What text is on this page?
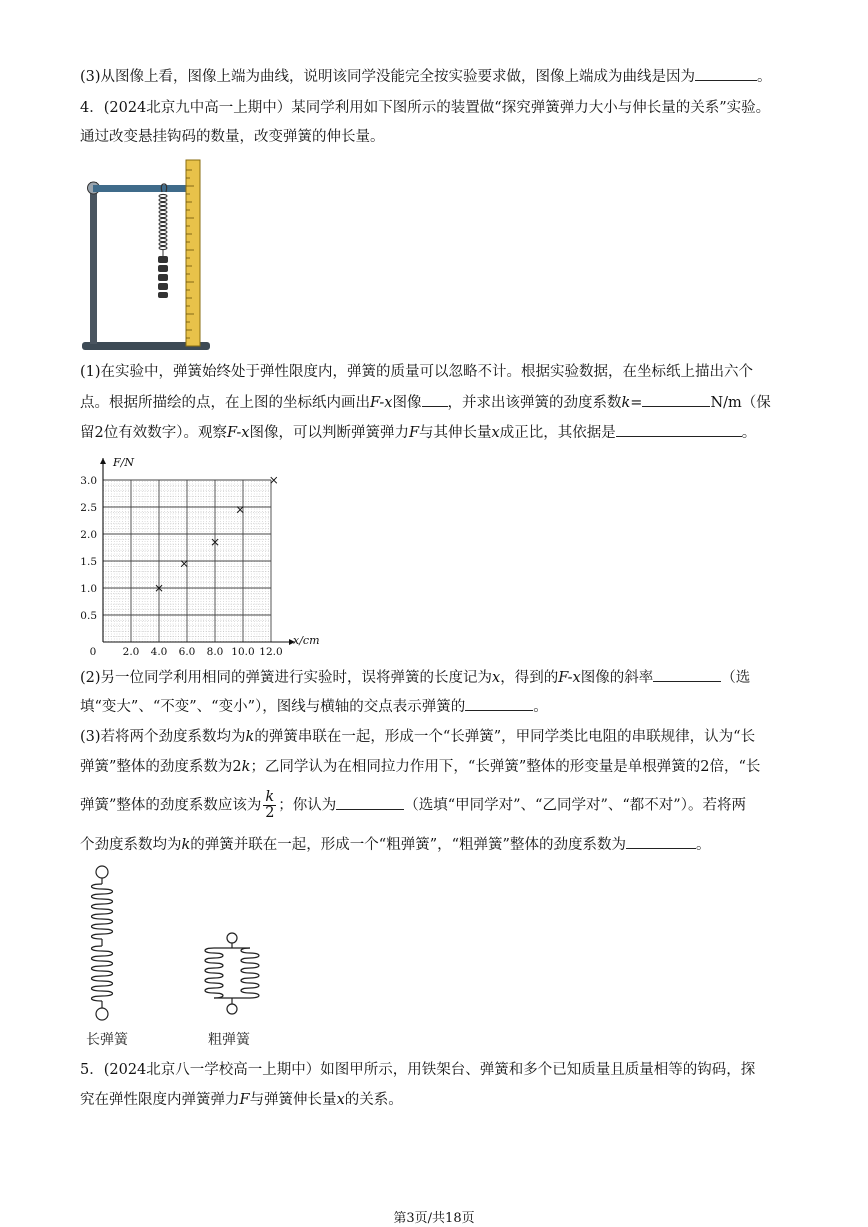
(3)从图像上看，图像上端为曲线，说明该同学没能完全按实验要求做，图像上端成为曲线是因为	。
4．(2024北京九中高一上期中）某同学利用如下图所示的装置做“探究弹簧弹力大小与伸长量的关系”实验。
通过改变悬挂钩码的数量，改变弹簧的伸长量。
(1)在实验中，弹簧始终处于弹性限度内，弹簧的质量可以忽略不计。根据实验数据，在坐标纸上描出六个
点。根据所描绘的点，在上图的坐标纸内画出F-x图像 ，并求出该弹簧的劲度系数k=	N/m（保
留2位有效数字）。观察F-x图像，可以判断弹簧弹力F与其伸长量x成正比，其依据是	。
2.0 4.0 6.0 8.0 10.0 12.0
0.5
1.0
1.5
2.0
2.5
3.0
0
x/cm
F/N
×
×
×
×
×
(2)另一位同学利用相同的弹簧进行实验时，误将弹簧的长度记为x，得到的F-x图像的斜率	（选
填“变大”、“不变”、“变小”），图线与横轴的交点表示弹簧的	。
(3)若将两个劲度系数均为k的弹簧串联在一起，形成一个“长弹簧”，甲同学类比电阻的串联规律，认为“长
弹簧”整体的劲度系数为2k；乙同学认为在相同拉力作用下，“长弹簧”整体的形变量是单根弹簧的2倍，“长
弹簧”整体的劲度系数应该为 $\frac{k}{2}$ ；你认为	（选填“甲同学对”、“乙同学对”、“都不对”）。若将两
个劲度系数均为k的弹簧并联在一起，形成一个“粗弹簧”，“粗弹簧”整体的劲度系数为	。
长弹簧	粗弹簧
5．(2024北京八一学校高一上期中）如图甲所示，用铁架台、弹簧和多个已知质量且质量相等的钩码，探
究在弹性限度内弹簧弹力F与弹簧伸长量x的关系。
第3页/共18页
